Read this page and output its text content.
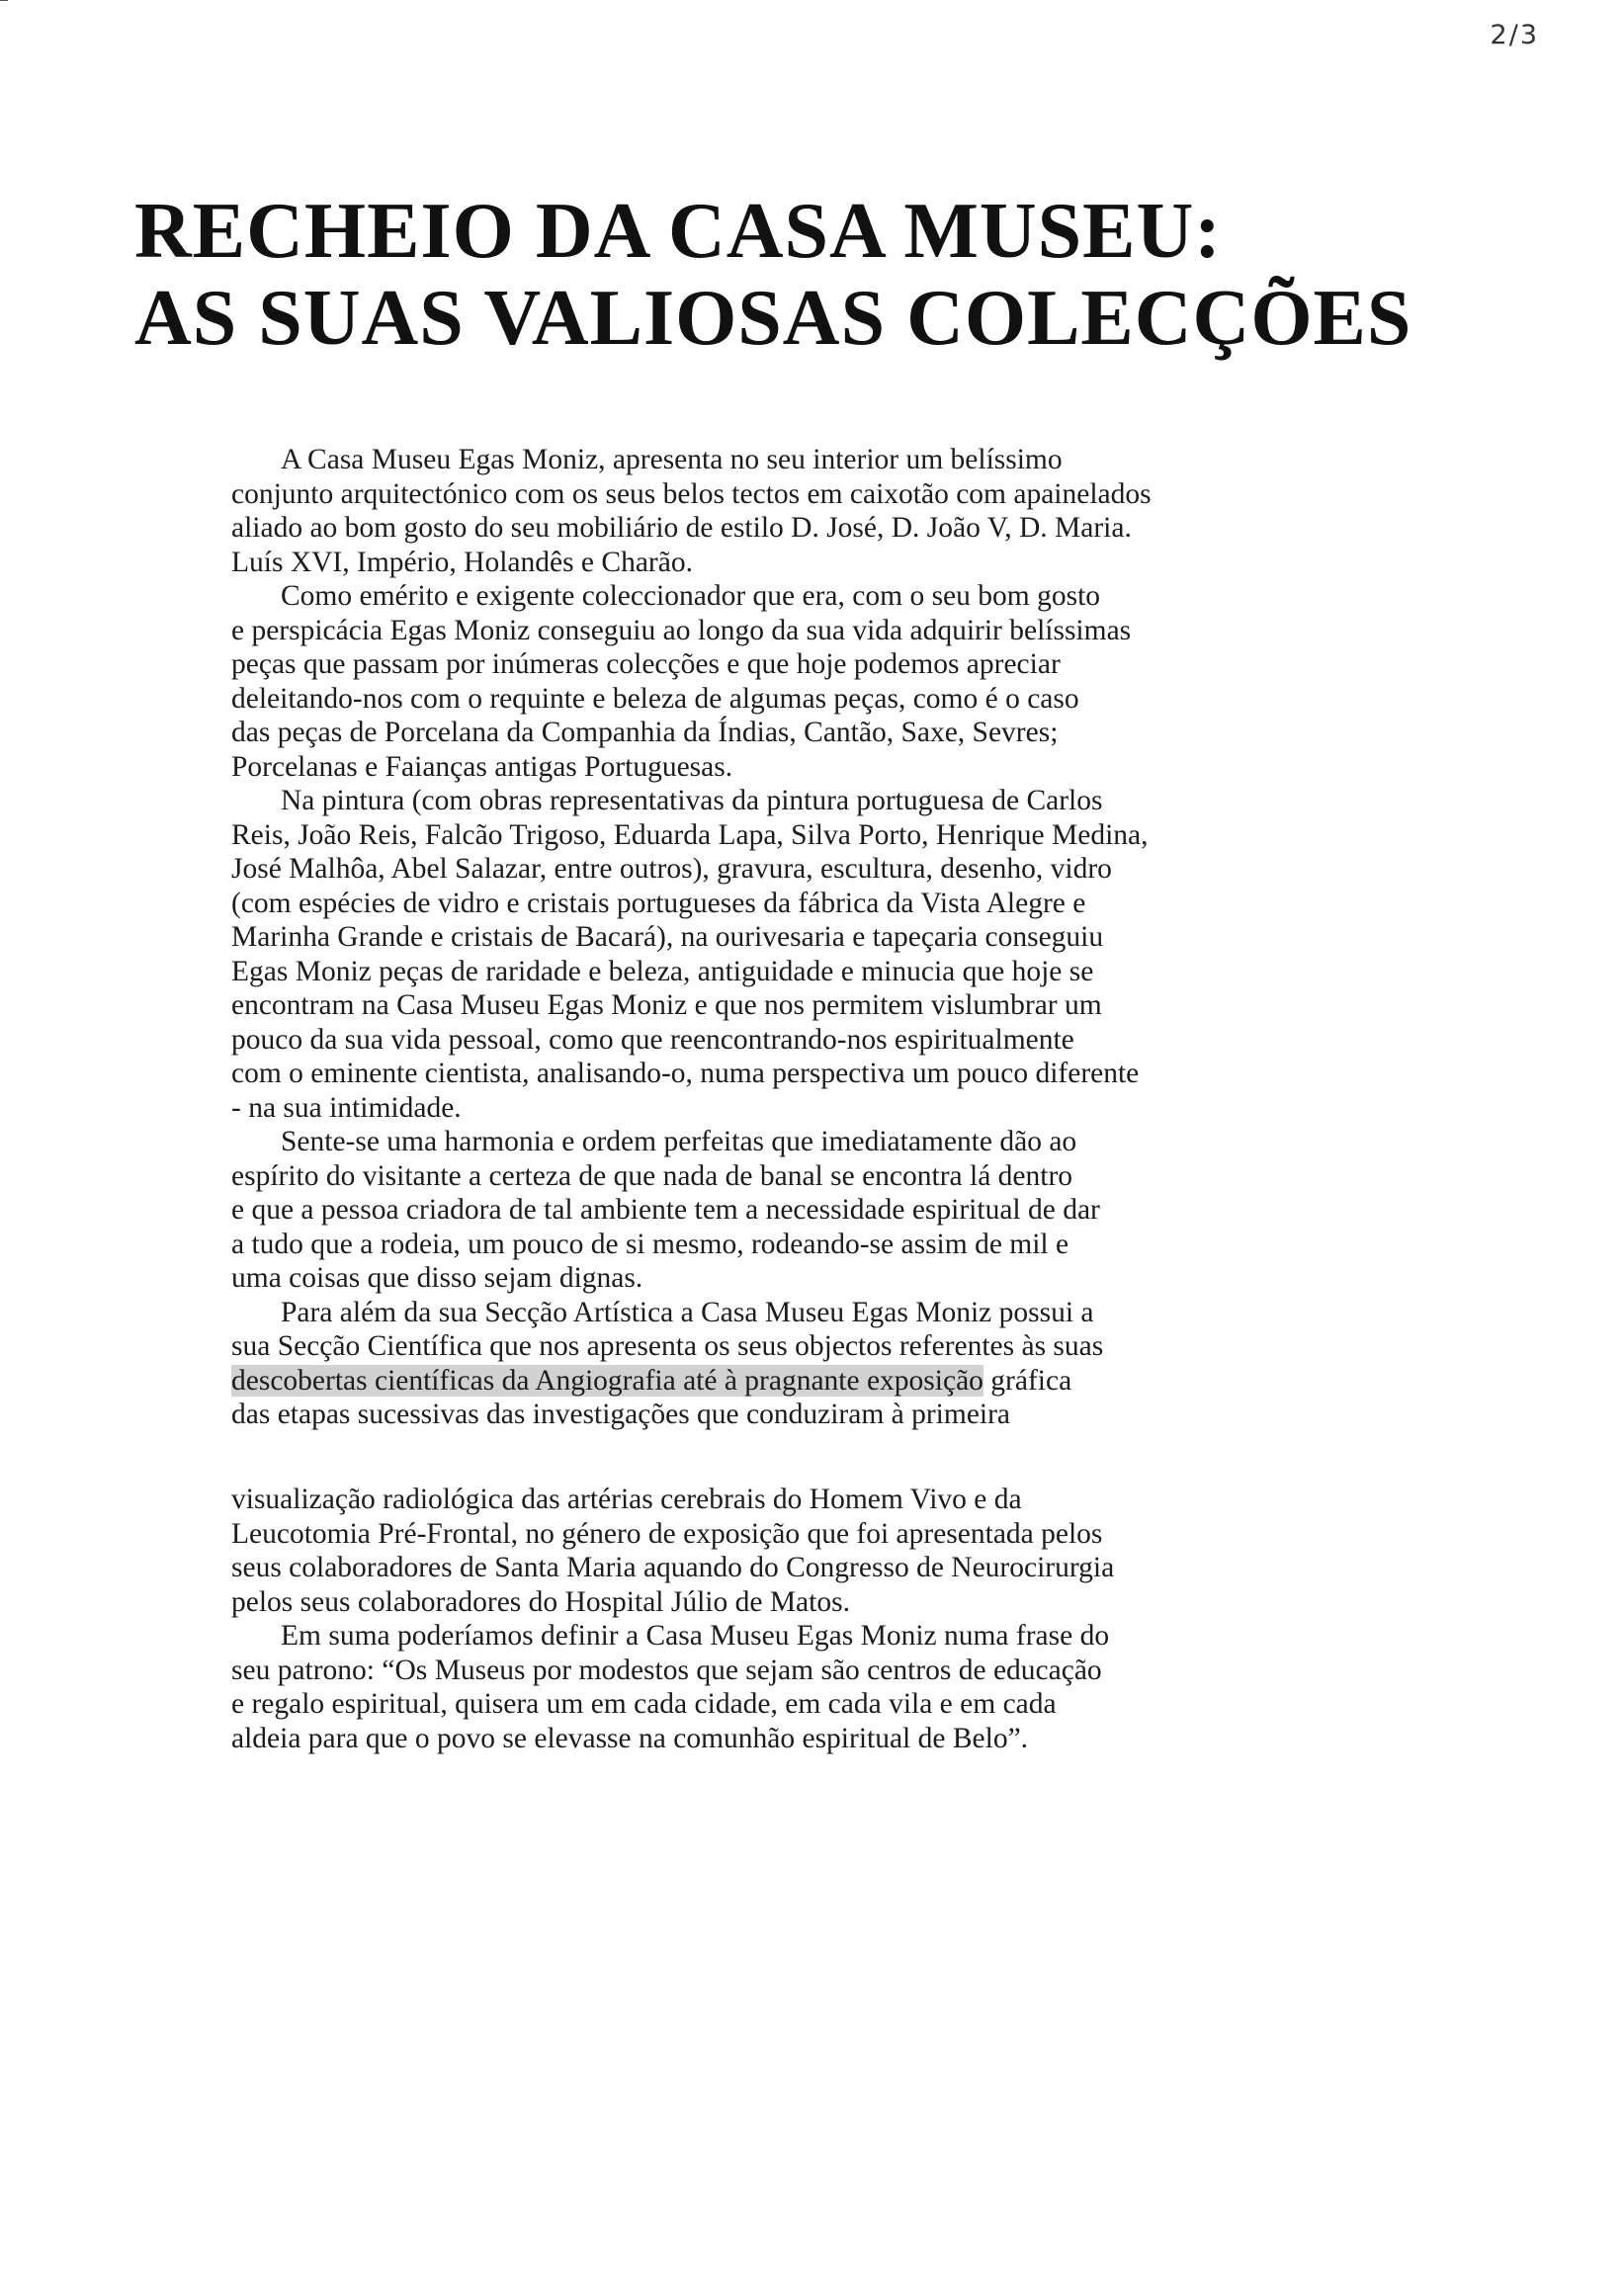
2/3
RECHEIO DA CASA MUSEU:
AS SUAS VALIOSAS COLECÇÕES

A Casa Museu Egas Moniz, apresenta no seu interior um belíssimo
conjunto arquitectónico com os seus belos tectos em caixotão com apainelados
aliado ao bom gosto do seu mobiliário de estilo D. José, D. João V, D. Maria.
Luís XVI, Império, Holandês e Charão.

Como emérito e exigente coleccionador que era, com o seu bom gosto
e perspicácia Egas Moniz conseguiu ao longo da sua vida adquirir belíssimas
peças que passam por inúmeras colecções e que hoje podemos apreciar
deleitando-nos com o requinte e beleza de algumas peças, como é o caso
das peças de Porcelana da Companhia da Índias, Cantão, Saxe, Sevres;
Porcelanas e Faianças antigas Portuguesas.

Na pintura (com obras representativas da pintura portuguesa de Carlos
Reis, João Reis, Falcão Trigoso, Eduarda Lapa, Silva Porto, Henrique Medina,
José Malhôa, Abel Salazar, entre outros), gravura, escultura, desenho, vidro
(com espécies de vidro e cristais portugueses da fábrica da Vista Alegre e
Marinha Grande e cristais de Bacará), na ourivesaria e tapeçaria conseguiu
Egas Moniz peças de raridade e beleza, antiguidade e minucia que hoje se
encontram na Casa Museu Egas Moniz e que nos permitem vislumbrar um
pouco da sua vida pessoal, como que reencontrando-nos espiritualmente
com o eminente cientista, analisando-o, numa perspectiva um pouco diferente
- na sua intimidade.

Sente-se uma harmonia e ordem perfeitas que imediatamente dão ao
espírito do visitante a certeza de que nada de banal se encontra lá dentro
e que a pessoa criadora de tal ambiente tem a necessidade espiritual de dar
a tudo que a rodeia, um pouco de si mesmo, rodeando-se assim de mil e
uma coisas que disso sejam dignas.

Para além da sua Secção Artística a Casa Museu Egas Moniz possui a
sua Secção Científica que nos apresenta os seus objectos referentes às suas
descobertas científicas da Angiografia até à pragnante exposição gráfica
das etapas sucessivas das investigações que conduziram à primeira

visualização radiológica das artérias cerebrais do Homem Vivo e da
Leucotomia Pré-Frontal, no género de exposição que foi apresentada pelos
seus colaboradores de Santa Maria aquando do Congresso de Neurocirurgia
pelos seus colaboradores do Hospital Júlio de Matos.

Em suma poderíamos definir a Casa Museu Egas Moniz numa frase do
seu patrono: “Os Museus por modestos que sejam são centros de educação
e regalo espiritual, quisera um em cada cidade, em cada vila e em cada
aldeia para que o povo se elevasse na comunhão espiritual de Belo”.
